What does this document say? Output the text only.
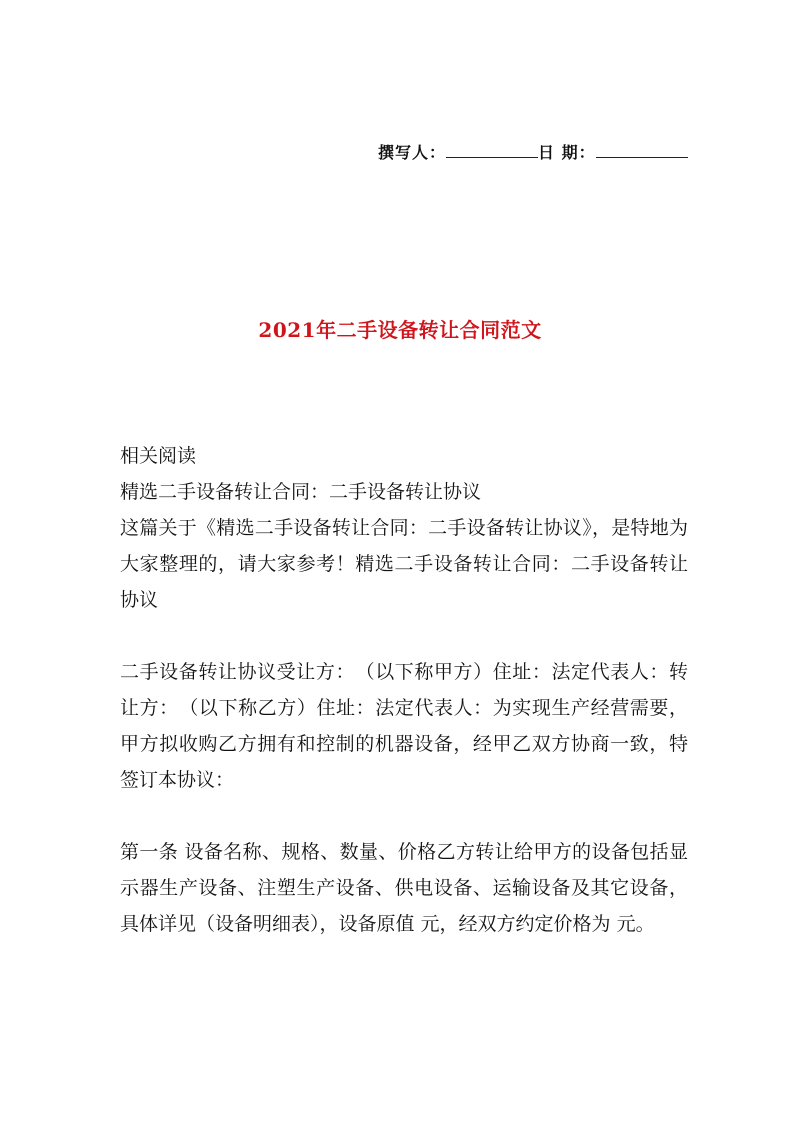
撰写人：	日 期：
2021年二手设备转让合同范文

相关阅读

精选二手设备转让合同：二手设备转让协议

这篇关于《精选二手设备转让合同：二手设备转让协议》，是特地为大家整理的，请大家参考！精选二手设备转让合同：二手设备转让协议

二手设备转让协议受让方：　（以下称甲方）住址：法定代表人：转让方：　（以下称乙方）住址：法定代表人：为实现生产经营需要，甲方拟收购乙方拥有和控制的机器设备，经甲乙双方协商一致，特签订本协议：

第一条 设备名称、规格、数量、价格乙方转让给甲方的设备包括显示器生产设备、注塑生产设备、供电设备、运输设备及其它设备，具体详见（设备明细表），设备原值 元，经双方约定价格为 元。
